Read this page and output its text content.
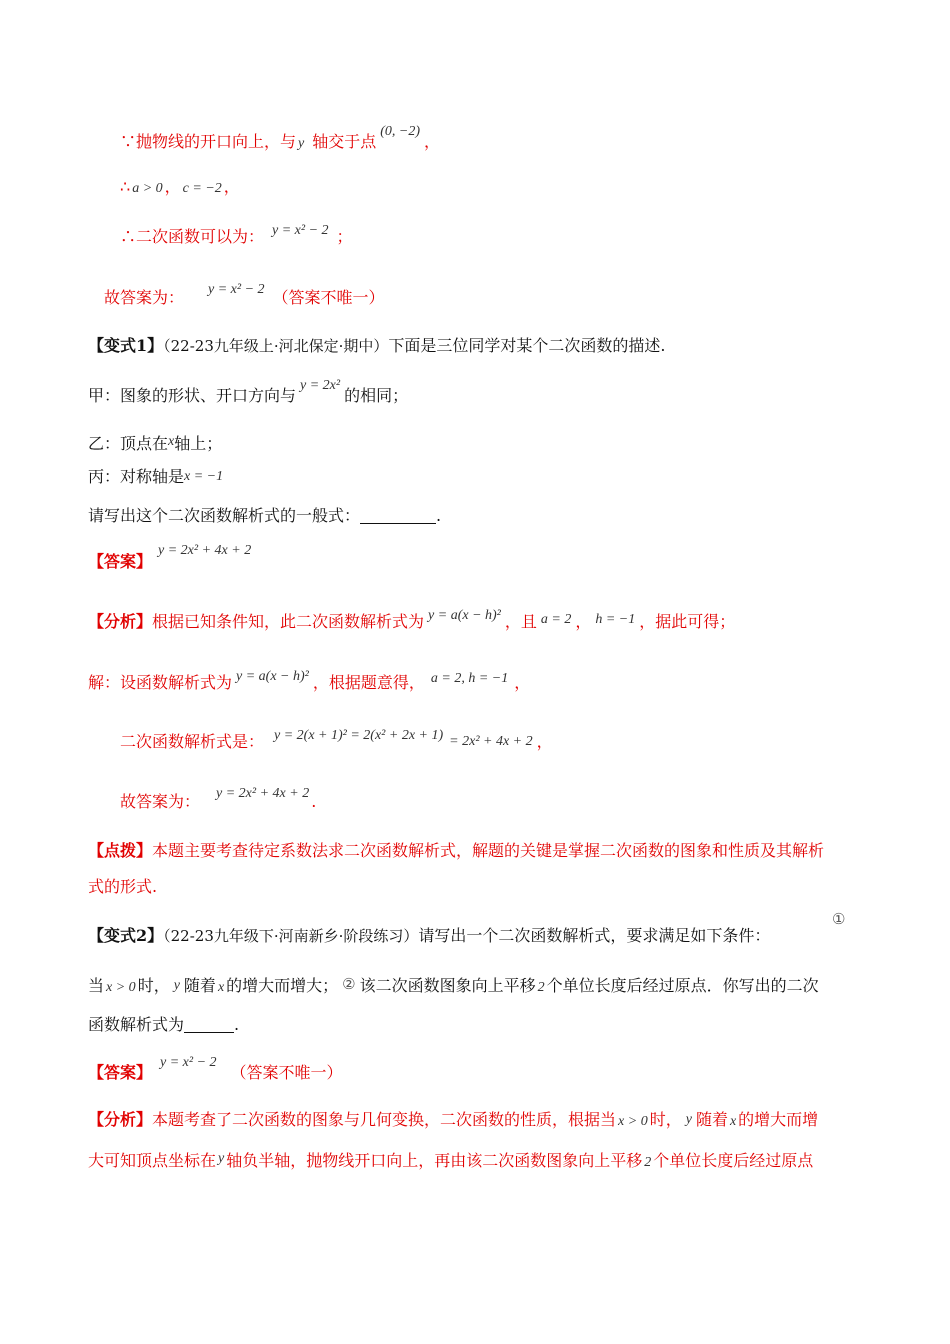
∵抛物线的开口向上，与 y 轴交于点(0, −2)，
∴ a > 0 ， c = −2 ，
∴二次函数可以为： y = x² − 2 ；
故答案为： y = x² − 2 （答案不唯一）
【变式1】（22-23九年级上·河北保定·期中）下面是三位同学对某个二次函数的描述.
甲：图象的形状、开口方向与y = 2x²的相同；
乙：顶点在x轴上；
丙：对称轴是x = −1
请写出这个二次函数解析式的一般式：	.
【答案】y = 2x² + 4x + 2
【分析】根据已知条件知，此二次函数解析式为 y = a(x − h)² ，且 a = 2 ， h = −1 ，据此可得；
解：设函数解析式为 y = a(x − h)² ，根据题意得， a = 2, h = −1 ，
二次函数解析式是： y = 2(x + 1)² = 2(x² + 2x + 1) = 2x² + 4x + 2 ，
故答案为： y = 2x² + 4x + 2 .
【点拨】本题主要考查待定系数法求二次函数解析式，解题的关键是掌握二次函数的图象和性质及其解析
式的形式.
【变式2】（22-23九年级下·河南新乡·阶段练习）请写出一个二次函数解析式，要求满足如下条件：
①
当 x > 0 时， y 随着 x 的增大而增大； ② 该二次函数图象向上平移 2 个单位长度后经过原点．你写出的二次
函数解析式为	.
【答案】y = x² − 2（答案不唯一）
【分析】本题考查了二次函数的图象与几何变换，二次函数的性质，根据当 x > 0 时， y 随着 x 的增大而增
大可知顶点坐标在 y 轴负半轴，抛物线开口向上，再由该二次函数图象向上平移 2 个单位长度后经过原点
